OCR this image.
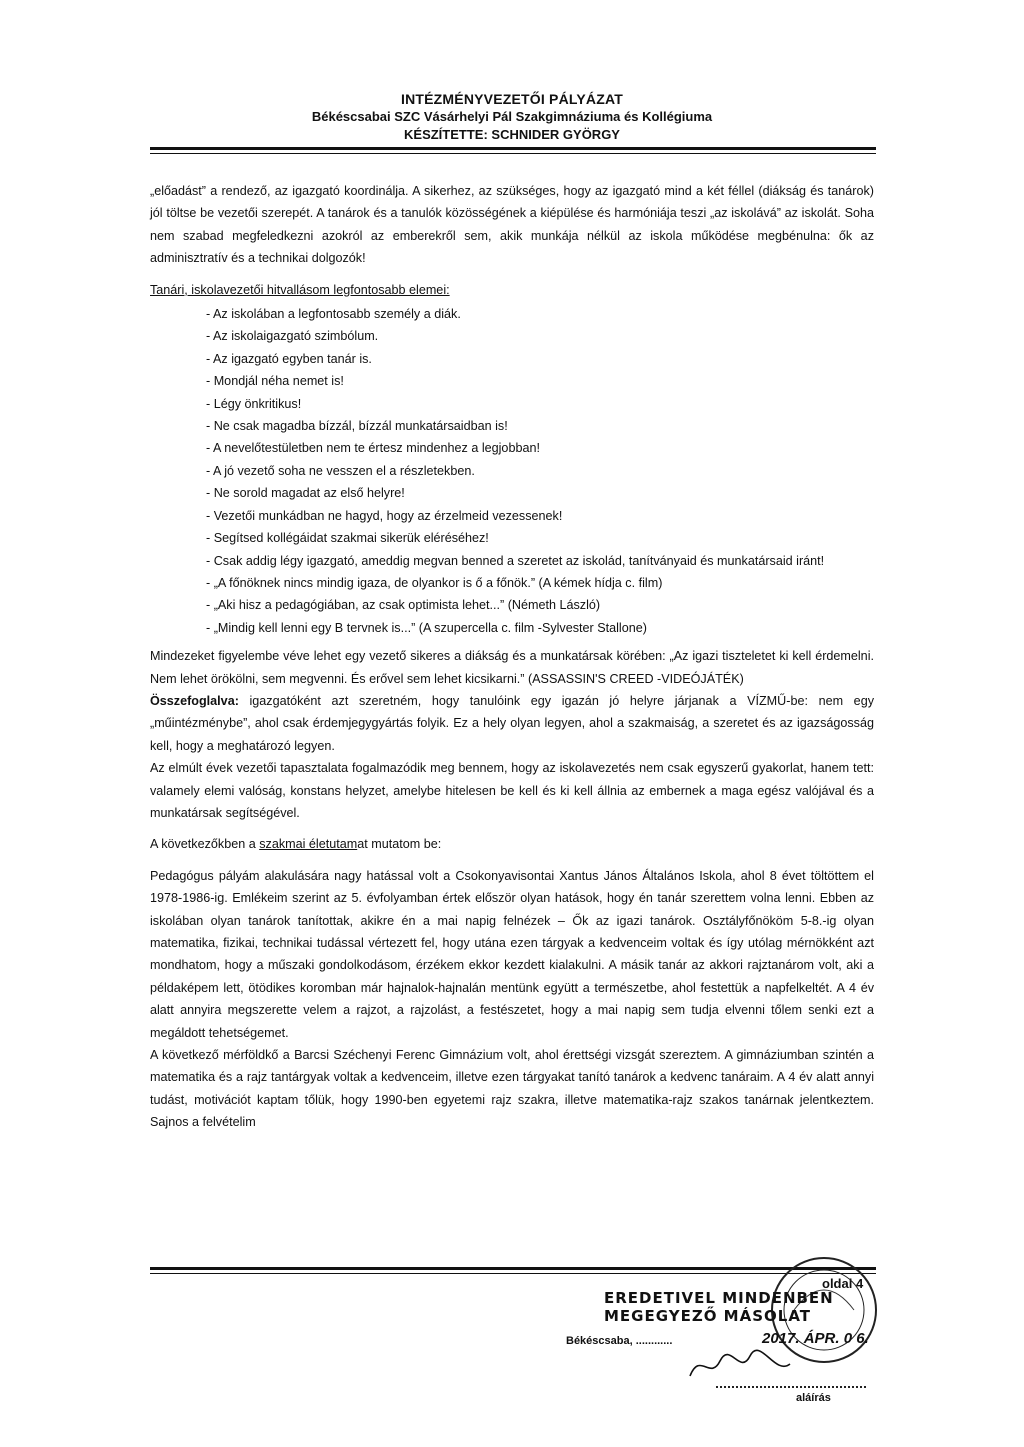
INTÉZMÉNYVEZETŐI PÁLYÁZAT
Békéscsabai SZC Vásárhelyi Pál Szakgimnáziuma és Kollégiuma
KÉSZÍTETTE: SCHNIDER GYÖRGY

„előadást” a rendező, az igazgató koordinálja. A sikerhez, az szükséges, hogy az igazgató mind a két féllel (diákság és tanárok) jól töltse be vezetői szerepét. A tanárok és a tanulók közösségének a kiépülése és harmóniája teszi „az iskolává” az iskolát. Soha nem szabad megfeledkezni azokról az emberekről sem, akik munkája nélkül az iskola működése megbénulna: ők az adminisztratív és a technikai dolgozók!

Tanári, iskolavezetői hitvallásom legfontosabb elemei:

- Az iskolában a legfontosabb személy a diák.
- Az iskolaigazgató szimbólum.
- Az igazgató egyben tanár is.
- Mondjál néha nemet is!
- Légy önkritikus!
- Ne csak magadba bízzál, bízzál munkatársaidban is!
- A nevelőtestületben nem te értesz mindenhez a legjobban!
- A jó vezető soha ne vesszen el a részletekben.
- Ne sorold magadat az első helyre!
- Vezetői munkádban ne hagyd, hogy az érzelmeid vezessenek!
- Segítsed kollégáidat szakmai sikerük eléréséhez!
- Csak addig légy igazgató, ameddig megvan benned a szeretet az iskolád, tanítványaid és munkatársaid iránt!
- „A főnöknek nincs mindig igaza, de olyankor is ő a főnök.” (A kémek hídja c. film)
- „Aki hisz a pedagógiában, az csak optimista lehet...” (Németh László)
- „Mindig kell lenni egy B tervnek is...” (A szupercella c. film -Sylvester Stallone)

Mindezeket figyelembe véve lehet egy vezető sikeres a diákság és a munkatársak körében: „Az igazi tiszteletet ki kell érdemelni. Nem lehet örökölni, sem megvenni. És erővel sem lehet kicsikarni.” (ASSASSIN'S CREED -VIDEÓJÁTÉK)

Összefoglalva: igazgatóként azt szeretném, hogy tanulóink egy igazán jó helyre járjanak a VÍZMŰ-be: nem egy „műintézménybe”, ahol csak érdemjegygyártás folyik. Ez a hely olyan legyen, ahol a szakmaiság, a szeretet és az igazságosság kell, hogy a meghatározó legyen.

Az elmúlt évek vezetői tapasztalata fogalmazódik meg bennem, hogy az iskolavezetés nem csak egyszerű gyakorlat, hanem tett: valamely elemi valóság, konstans helyzet, amelybe hitelesen be kell és ki kell állnia az embernek a maga egész valójával és a munkatársak segítségével.

A következőkben a szakmai életutamat mutatom be:

Pedagógus pályám alakulására nagy hatással volt a Csokonyavisontai Xantus János Általános Iskola, ahol 8 évet töltöttem el 1978-1986-ig. Emlékeim szerint az 5. évfolyamban értek először olyan hatások, hogy én tanár szerettem volna lenni. Ebben az iskolában olyan tanárok tanítottak, akikre én a mai napig felnézek – Ők az igazi tanárok. Osztályfőnököm 5-8.-ig olyan matematika, fizikai, technikai tudással vértezett fel, hogy utána ezen tárgyak a kedvenceim voltak és így utólag mérnökként azt mondhatom, hogy a műszaki gondolkodásom, érzékem ekkor kezdett kialakulni. A másik tanár az akkori rajztanárom volt, aki a példaképem lett, ötödikes koromban már hajnalok-hajnalán mentünk együtt a természetbe, ahol festettük a napfelkeltét. A 4 év alatt annyira megszerette velem a rajzot, a rajzolást, a festészetet, hogy a mai napig sem tudja elvenni tőlem senki ezt a megáldott tehetségemet.

A következő mérföldkő a Barcsi Széchenyi Ferenc Gimnázium volt, ahol érettségi vizsgát szereztem. A gimnáziumban szintén a matematika és a rajz tantárgyak voltak a kedvenceim, illetve ezen tárgyakat tanító tanárok a kedvenc tanáraim. A 4 év alatt annyi tudást, motivációt kaptam tőlük, hogy 1990-ben egyetemi rajz szakra, illetve matematika-rajz szakos tanárnak jelentkeztem. Sajnos a felvételim

oldal 4
EREDETIVEL MINDENBEN
MEGEGYEZŐ MÁSOLAT
Békéscsaba, ............	2017. ÁPR. 0 6.
aláírás
